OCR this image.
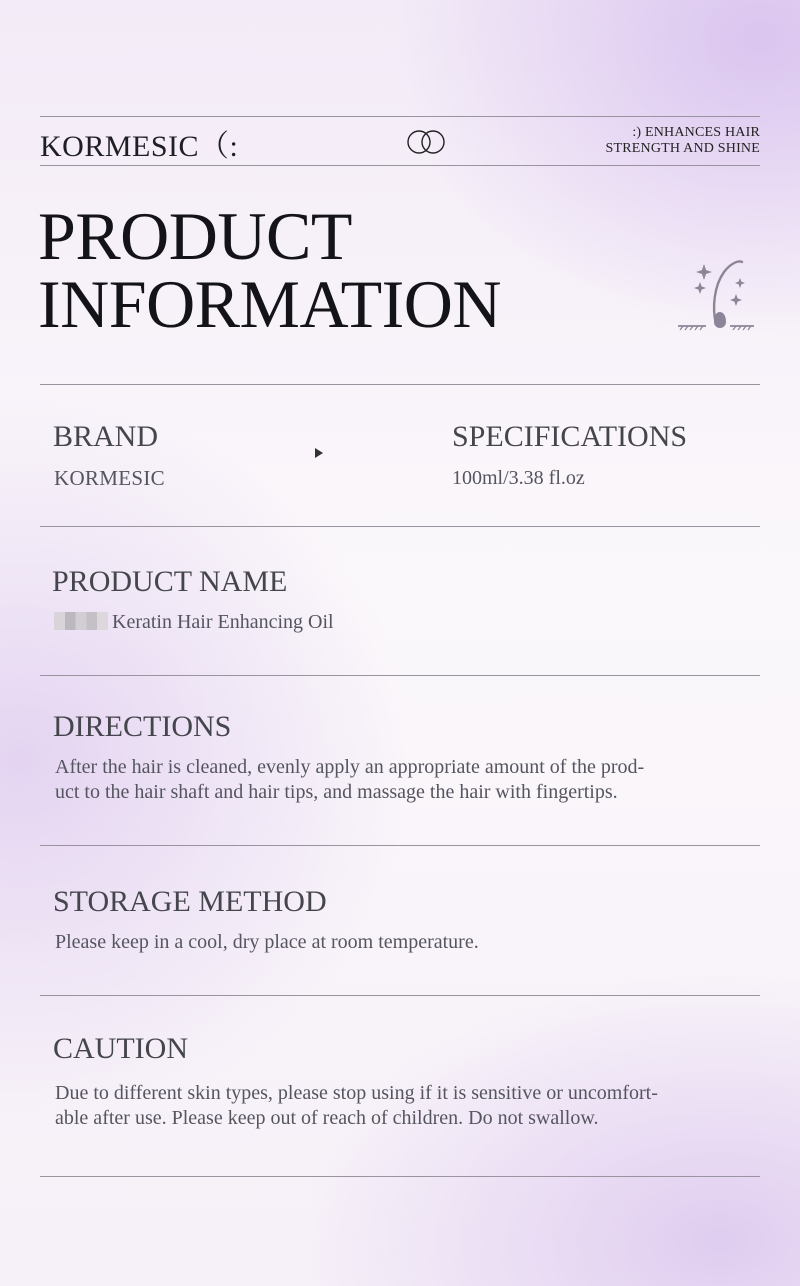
KORMESIC（:	:) ENHANCES HAIR
STRENGTH AND SHINE
PRODUCT
INFORMATION
BRAND
KORMESIC
SPECIFICATIONS
100ml/3.38 fl.oz
PRODUCT NAME
Keratin Hair Enhancing Oil
DIRECTIONS
After the hair is cleaned, evenly apply an appropriate amount of the prod-
uct to the hair shaft and hair tips, and massage the hair with fingertips.
STORAGE METHOD
Please keep in a cool, dry place at room temperature.
CAUTION
Due to different skin types, please stop using if it is sensitive or uncomfort-
able after use. Please keep out of reach of children. Do not swallow.
